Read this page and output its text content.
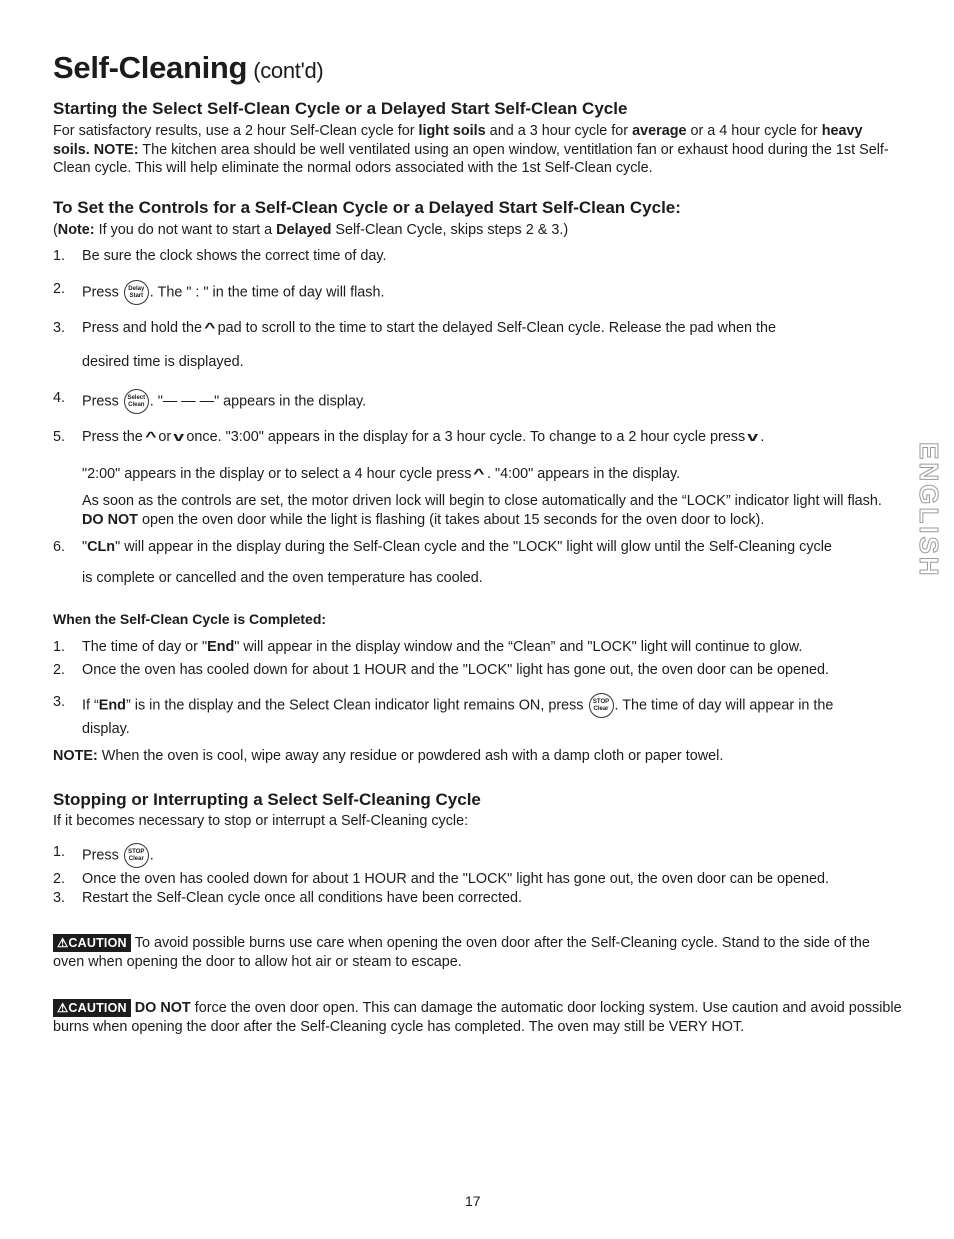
Self-Cleaning (cont'd)
Starting the Select Self-Clean Cycle or a Delayed Start Self-Clean Cycle

For satisfactory results, use a 2 hour Self-Clean cycle for light soils and a 3 hour cycle for average or a 4 hour cycle for heavy soils. NOTE: The kitchen area should be well ventilated using an open window, ventitlation fan or exhaust hood during the 1st Self-Clean cycle. This will help eliminate the normal odors associated with the 1st Self-Clean cycle.

To Set the Controls for a Self-Clean Cycle or a Delayed Start Self-Clean Cycle:

(Note: If you do not want to start a Delayed Self-Clean Cycle, skips steps 2 & 3.)

1. Be sure the clock shows the correct time of day.
2. Press Delay
Start . The " : " in the time of day will flash.
3. Press and hold the ^ pad to scroll to the time to start the delayed Self-Clean cycle. Release the pad when the

desired time is displayed.

4. Press Select
Clean . "— — —" appears in the display.
5. Press the ^ or v once. "3:00" appears in the display for a 3 hour cycle. To change to a 2 hour cycle press v .

"2:00" appears in the display or to select a 4 hour cycle press ^ . "4:00" appears in the display.

As soon as the controls are set, the motor driven lock will begin to close automatically and the “LOCK” indicator light will flash. DO NOT open the oven door while the light is flashing (it takes about 15 seconds for the oven door to lock).

6. "CLn" will appear in the display during the Self-Clean cycle and the "LOCK" light will glow until the Self-Cleaning cycle

is complete or cancelled and the oven temperature has cooled.

When the Self-Clean Cycle is Completed:
1. The time of day or "End" will appear in the display window and the “Clean” and "LOCK" light will continue to glow.
2. Once the oven has cooled down for about 1 HOUR and the "LOCK" light has gone out, the oven door can be opened.
3. If “End” is in the display and the Select Clean indicator light remains ON, press STOP
Clear . The time of day will appear in the

display.

NOTE: When the oven is cool, wipe away any residue or powdered ash with a damp cloth or paper towel.

Stopping or Interrupting a Select Self-Cleaning Cycle

If it becomes necessary to stop or interrupt a Self-Cleaning cycle:

1. Press STOP
Clear .
2. Once the oven has cooled down for about 1 HOUR and the "LOCK" light has gone out, the oven door can be opened.
3. Restart the Self-Clean cycle once all conditions have been corrected.

⚠CAUTION To avoid possible burns use care when opening the oven door after the Self-Cleaning cycle. Stand to the side of the oven when opening the door to allow hot air or steam to escape.

⚠CAUTION DO NOT force the oven door open. This can damage the automatic door locking system. Use caution and avoid possible burns when opening the door after the Self-Cleaning cycle has completed. The oven may still be VERY HOT.

ENGLISH
17
